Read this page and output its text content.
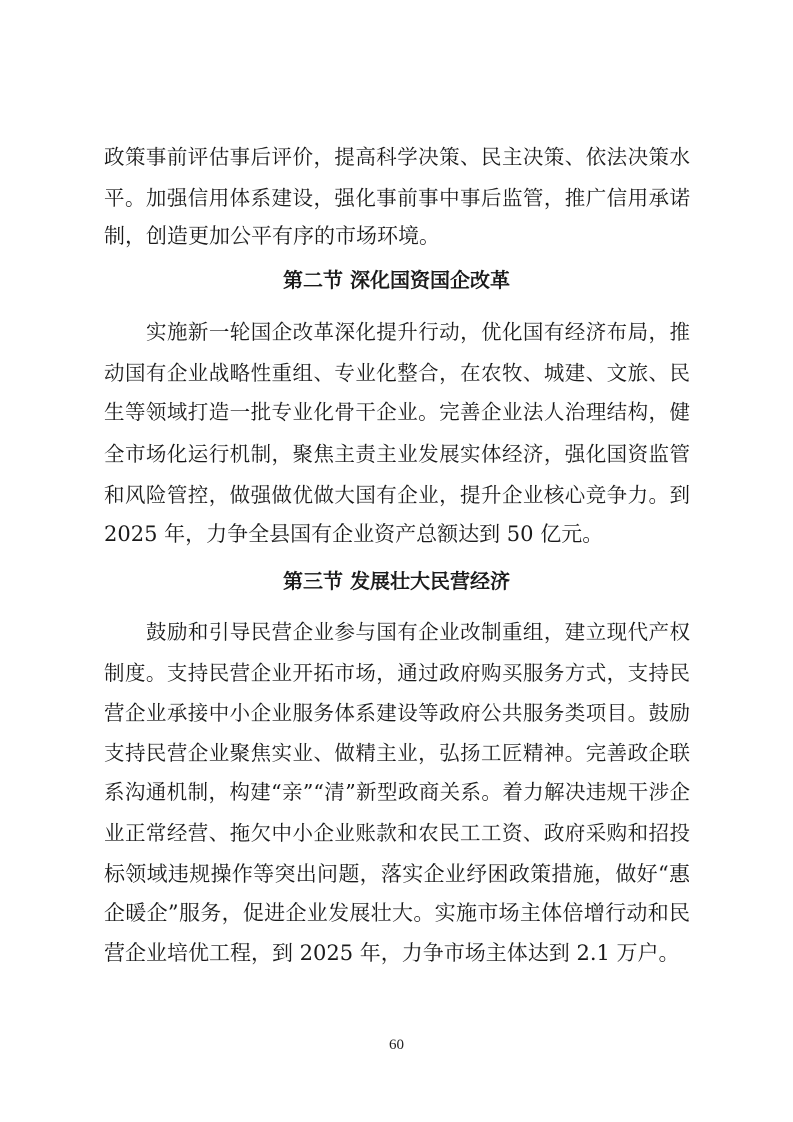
政策事前评估事后评价，提高科学决策、民主决策、依法决策水
平。加强信用体系建设，强化事前事中事后监管，推广信用承诺
制，创造更加公平有序的市场环境。
第二节 深化国资国企改革
实施新一轮国企改革深化提升行动，优化国有经济布局，推
动国有企业战略性重组、专业化整合，在农牧、城建、文旅、民
生等领域打造一批专业化骨干企业。完善企业法人治理结构，健
全市场化运行机制，聚焦主责主业发展实体经济，强化国资监管
和风险管控，做强做优做大国有企业，提升企业核心竞争力。到
2025 年，力争全县国有企业资产总额达到 50 亿元。
第三节 发展壮大民营经济
鼓励和引导民营企业参与国有企业改制重组，建立现代产权
制度。支持民营企业开拓市场，通过政府购买服务方式，支持民
营企业承接中小企业服务体系建设等政府公共服务类项目。鼓励
支持民营企业聚焦实业、做精主业，弘扬工匠精神。完善政企联
系沟通机制，构建“亲”“清”新型政商关系。着力解决违规干涉企
业正常经营、拖欠中小企业账款和农民工工资、政府采购和招投
标领域违规操作等突出问题，落实企业纾困政策措施，做好“惠
企暖企”服务，促进企业发展壮大。实施市场主体倍增行动和民
营企业培优工程，到 2025 年，力争市场主体达到 2.1 万户。
60
